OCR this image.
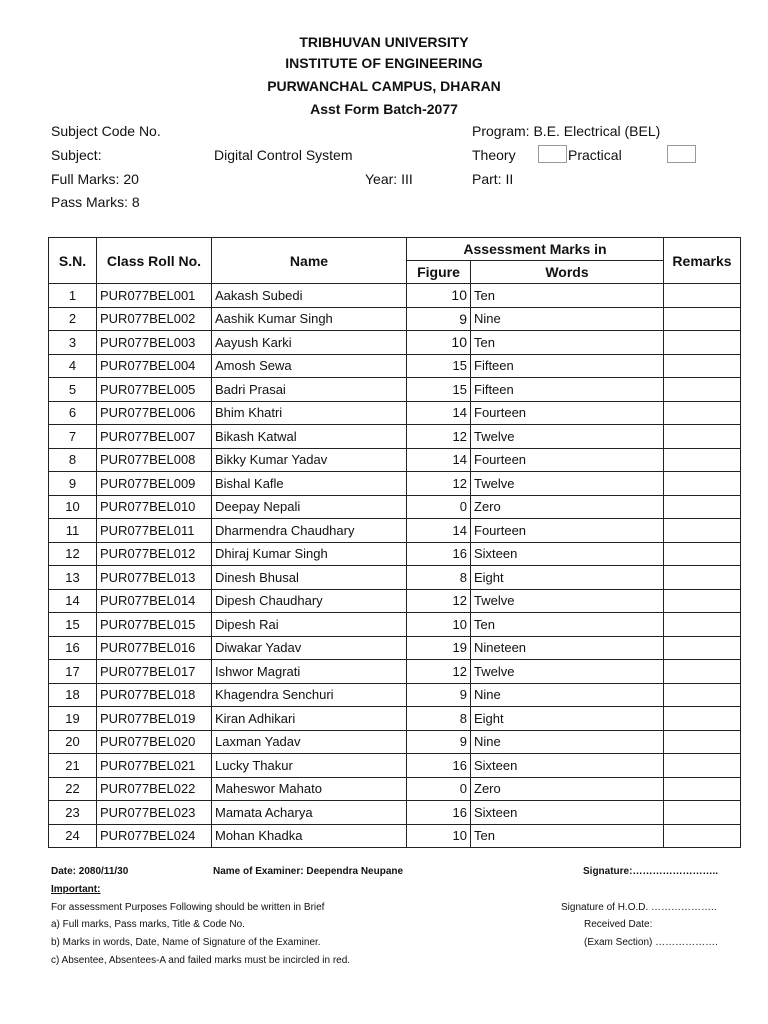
TRIBHUVAN UNIVERSITY
INSTITUTE OF ENGINEERING
PURWANCHAL CAMPUS, DHARAN
Asst Form Batch-2077
Subject Code No.	Program: B.E. Electrical (BEL)
Subject:	Digital Control System	Theory	Practical
Full Marks: 20	Year: III	Part: II
Pass Marks: 8
S.N.	Class Roll No.	Name	Assessment Marks in		Remarks
			Figure	Words	
1	PUR077BEL001	Aakash Subedi	10	Ten	
2	PUR077BEL002	Aashik Kumar Singh	9	Nine	
3	PUR077BEL003	Aayush Karki	10	Ten	
4	PUR077BEL004	Amosh Sewa	15	Fifteen	
5	PUR077BEL005	Badri Prasai	15	Fifteen	
6	PUR077BEL006	Bhim Khatri	14	Fourteen	
7	PUR077BEL007	Bikash Katwal	12	Twelve	
8	PUR077BEL008	Bikky Kumar Yadav	14	Fourteen	
9	PUR077BEL009	Bishal Kafle	12	Twelve	
10	PUR077BEL010	Deepay Nepali	0	Zero	
11	PUR077BEL011	Dharmendra Chaudhary	14	Fourteen	
12	PUR077BEL012	Dhiraj Kumar Singh	16	Sixteen	
13	PUR077BEL013	Dinesh Bhusal	8	Eight	
14	PUR077BEL014	Dipesh Chaudhary	12	Twelve	
15	PUR077BEL015	Dipesh Rai	10	Ten	
16	PUR077BEL016	Diwakar Yadav	19	Nineteen	
17	PUR077BEL017	Ishwor Magrati	12	Twelve	
18	PUR077BEL018	Khagendra Senchuri	9	Nine	
19	PUR077BEL019	Kiran Adhikari	8	Eight	
20	PUR077BEL020	Laxman Yadav	9	Nine	
21	PUR077BEL021	Lucky Thakur	16	Sixteen	
22	PUR077BEL022	Maheswor Mahato	0	Zero	
23	PUR077BEL023	Mamata Acharya	16	Sixteen	
24	PUR077BEL024	Mohan Khadka	10	Ten	
Date: 2080/11/30	Name of Examiner: Deependra Neupane	Signature:……………………..
Important:
For assessment Purposes Following should be written in Brief
a) Full marks, Pass marks, Title & Code No.
b) Marks in words, Date, Name of Signature of the Examiner.
c) Absentee, Absentees-A and failed marks must be incircled in red.
Signature of H.O.D. ………………..
Received Date:
(Exam Section) ……………….
